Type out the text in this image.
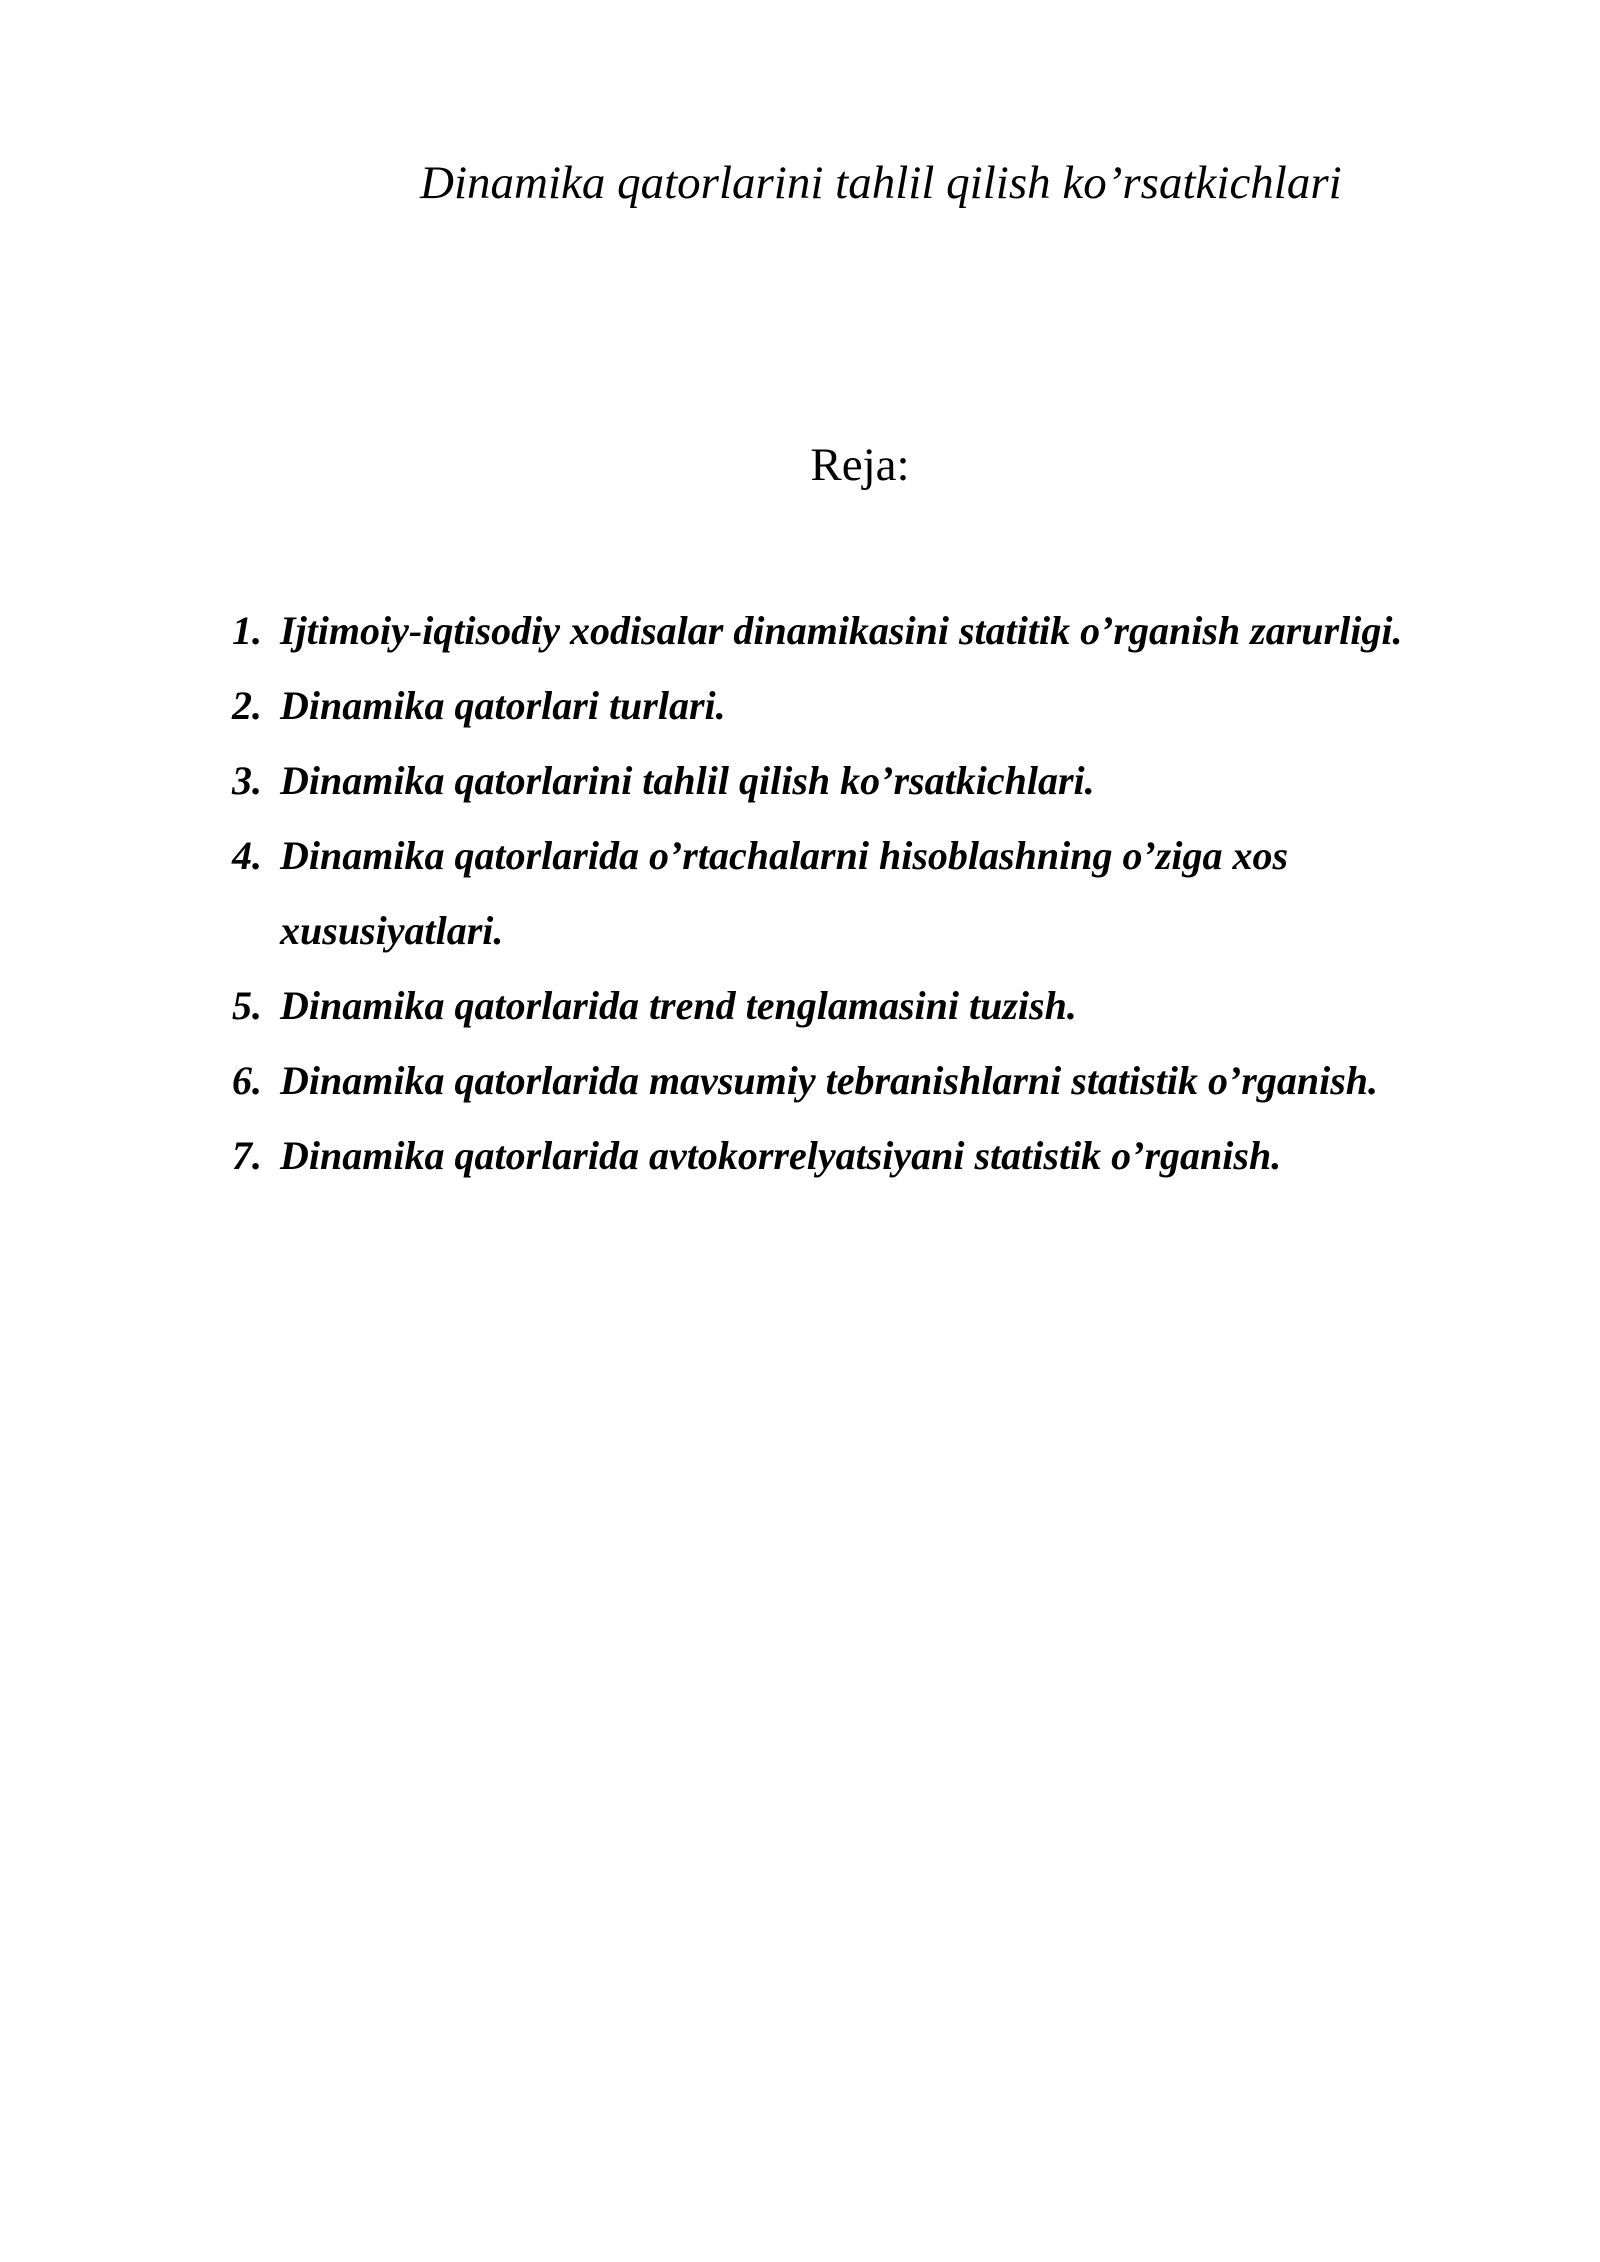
Dinamika qatorlarini tahlil qilish ko’rsatkichlari
Reja:
1. Ijtimoiy-iqtisodiy xodisalar dinamikasini statitik o’rganish zarurligi.
2. Dinamika qatorlari turlari.
3. Dinamika qatorlarini tahlil qilish ko’rsatkichlari.
4. Dinamika qatorlarida o’rtachalarni hisoblashning o’ziga xos xususiyatlari.
5. Dinamika qatorlarida trend tenglamasini tuzish.
6. Dinamika qatorlarida mavsumiy tebranishlarni statistik o’rganish.
7. Dinamika qatorlarida avtokorrelyatsiyani statistik o’rganish.
